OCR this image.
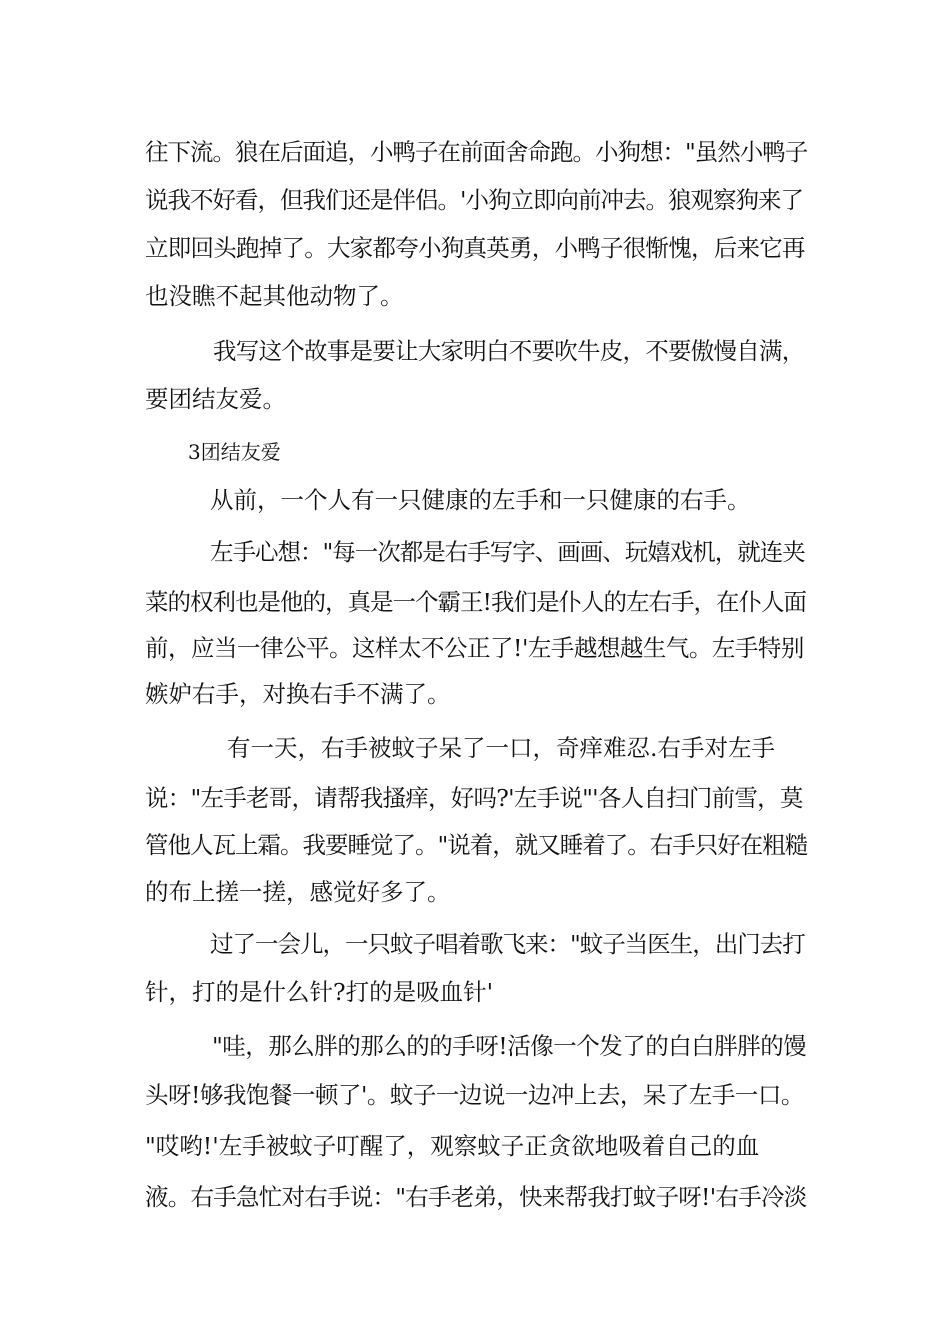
往下流。狼在后面追，小鸭子在前面舍命跑。小狗想："虽然小鸭子

说我不好看，但我们还是伴侣。'小狗立即向前冲去。狼观察狗来了

立即回头跑掉了。大家都夸小狗真英勇，小鸭子很惭愧，后来它再

也没瞧不起其他动物了。

我写这个故事是要让大家明白不要吹牛皮，不要傲慢自满，

要团结友爱。

3团结友爱

从前，一个人有一只健康的左手和一只健康的右手。

左手心想："每一次都是右手写字、画画、玩嬉戏机，就连夹

菜的权利也是他的，真是一个霸王!我们是仆人的左右手，在仆人面

前，应当一律公平。这样太不公正了!'左手越想越生气。左手特别

嫉妒右手，对换右手不满了。

有一天，右手被蚊子呆了一口，奇痒难忍.右手对左手

说："左手老哥，请帮我搔痒，好吗?'左手说"'各人自扫门前雪，莫

管他人瓦上霜。我要睡觉了。"说着，就又睡着了。右手只好在粗糙

的布上搓一搓，感觉好多了。

过了一会儿，一只蚊子唱着歌飞来："蚊子当医生，出门去打

针，打的是什么针?打的是吸血针'

"哇，那么胖的那么的的手呀!活像一个发了的白白胖胖的馒

头呀!够我饱餐一顿了'。蚊子一边说一边冲上去，呆了左手一口。

"哎哟!'左手被蚊子叮醒了，观察蚊子正贪欲地吸着自己的血

液。右手急忙对右手说："右手老弟，快来帮我打蚊子呀!'右手冷淡
